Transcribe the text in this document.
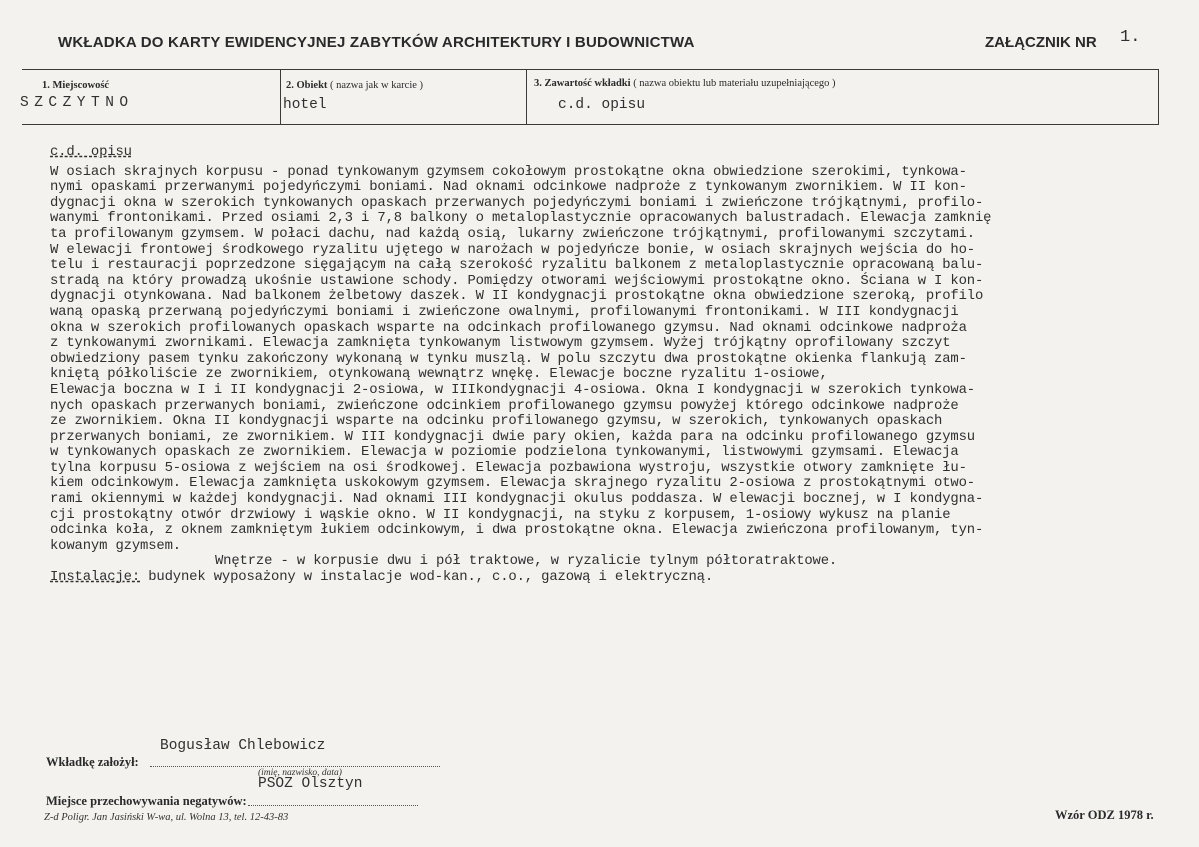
WKŁADKA DO KARTY EWIDENCYJNEJ ZABYTKÓW ARCHITEKTURY I BUDOWNICTWA	ZAŁĄCZNIK NR 1.
1. Miejscowość
SZCZYTNO
2. Obiekt ( nazwa jak w karcie )
hotel
3. Zawartość wkładki ( nazwa obiektu lub materiału uzupełniającego )
c.d. opisu
c.d. opisu
W osiach skrajnych korpusu - ponad tynkowanym gzymsem cokołowym prostokątne okna obwiedzione szerokimi, tynkowa-
nymi opaskami przerwanymi pojedyńczymi boniami. Nad oknami odcinkowe nadproże z tynkowanym zwornikiem. W II kon-
dygnacji okna w szerokich tynkowanych opaskach przerwanych pojedyńczymi boniami i zwieńczone trójkątnymi, profilo-
wanymi frontonikami. Przed osiami 2,3 i 7,8 balkony o metaloplastycznie opracowanych balustradach. Elewacja zamknię
ta profilowanym gzymsem. W połaci dachu, nad każdą osią, lukarny zwieńczone trójkątnymi, profilowanymi szczytami.
W elewacji frontowej środkowego ryzalitu ujętego w narożach w pojedyńcze bonie, w osiach skrajnych wejścia do ho-
telu i restauracji poprzedzone sięgającym na całą szerokość ryzalitu balkonem z metaloplastycznie opracowaną balu-
stradą na który prowadzą ukośnie ustawione schody. Pomiędzy otworami wejściowymi prostokątne okno. Ściana w I kon-
dygnacji otynkowana. Nad balkonem żelbetowy daszek. W II kondygnacji prostokątne okna obwiedzione szeroką, profilo
waną opaską przerwaną pojedyńczymi boniami i zwieńczone owalnymi, profilowanymi frontonikami. W III kondygnacji
okna w szerokich profilowanych opaskach wsparte na odcinkach profilowanego gzymsu. Nad oknami odcinkowe nadproża
z tynkowanymi zwornikami. Elewacja zamknięta tynkowanym listwowym gzymsem. Wyżej trójkątny oprofilowany szczyt
obwiedziony pasem tynku zakończony wykonaną w tynku muszlą. W polu szczytu dwa prostokątne okienka flankują zam-
kniętą półkoliście ze zwornikiem, otynkowaną wewnątrz wnękę. Elewacje boczne ryzalitu 1-osiowe,
Elewacja boczna w I i II kondygnacji 2-osiowa, w IIIkondygnacji 4-osiowa. Okna I kondygnacji w szerokich tynkowa-
nych opaskach przerwanych boniami, zwieńczone odcinkiem profilowanego gzymsu powyżej którego odcinkowe nadproże
ze zwornikiem. Okna II kondygnacji wsparte na odcinku profilowanego gzymsu, w szerokich, tynkowanych opaskach
przerwanych boniami, ze zwornikiem. W III kondygnacji dwie pary okien, każda para na odcinku profilowanego gzymsu
w tynkowanych opaskach ze zwornikiem. Elewacja w poziomie podzielona tynkowanymi, listwowymi gzymsami. Elewacja
tylna korpusu 5-osiowa z wejściem na osi środkowej. Elewacja pozbawiona wystroju, wszystkie otwory zamknięte łu-
kiem odcinkowym. Elewacja zamknięta uskokowym gzymsem. Elewacja skrajnego ryzalitu 2-osiowa z prostokątnymi otwo-
rami okiennymi w każdej kondygnacji. Nad oknami III kondygnacji okulus poddasza. W elewacji bocznej, w I kondygna-
cji prostokątny otwór drzwiowy i wąskie okno. W II kondygnacji, na styku z korpusem, 1-osiowy wykusz na planie
odcinka koła, z oknem zamkniętym łukiem odcinkowym, i dwa prostokątne okna. Elewacja zwieńczona profilowanym, tyn-
kowanym gzymsem.
Wnętrze - w korpusie dwu i pół traktowe, w ryzalicie tylnym półtoratraktowe.
Instalacje: budynek wyposażony w instalacje wod-kan., c.o., gazową i elektryczną.
Bogusław Chlebowicz
Wkładkę założył:
(imię, nazwisko, data)
PSOZ Olsztyn
Miejsce przechowywania negatywów:
Z-d Poligr. Jan Jasiński W-wa, ul. Wolna 13, tel. 12-43-83	Wzór ODZ 1978 r.
